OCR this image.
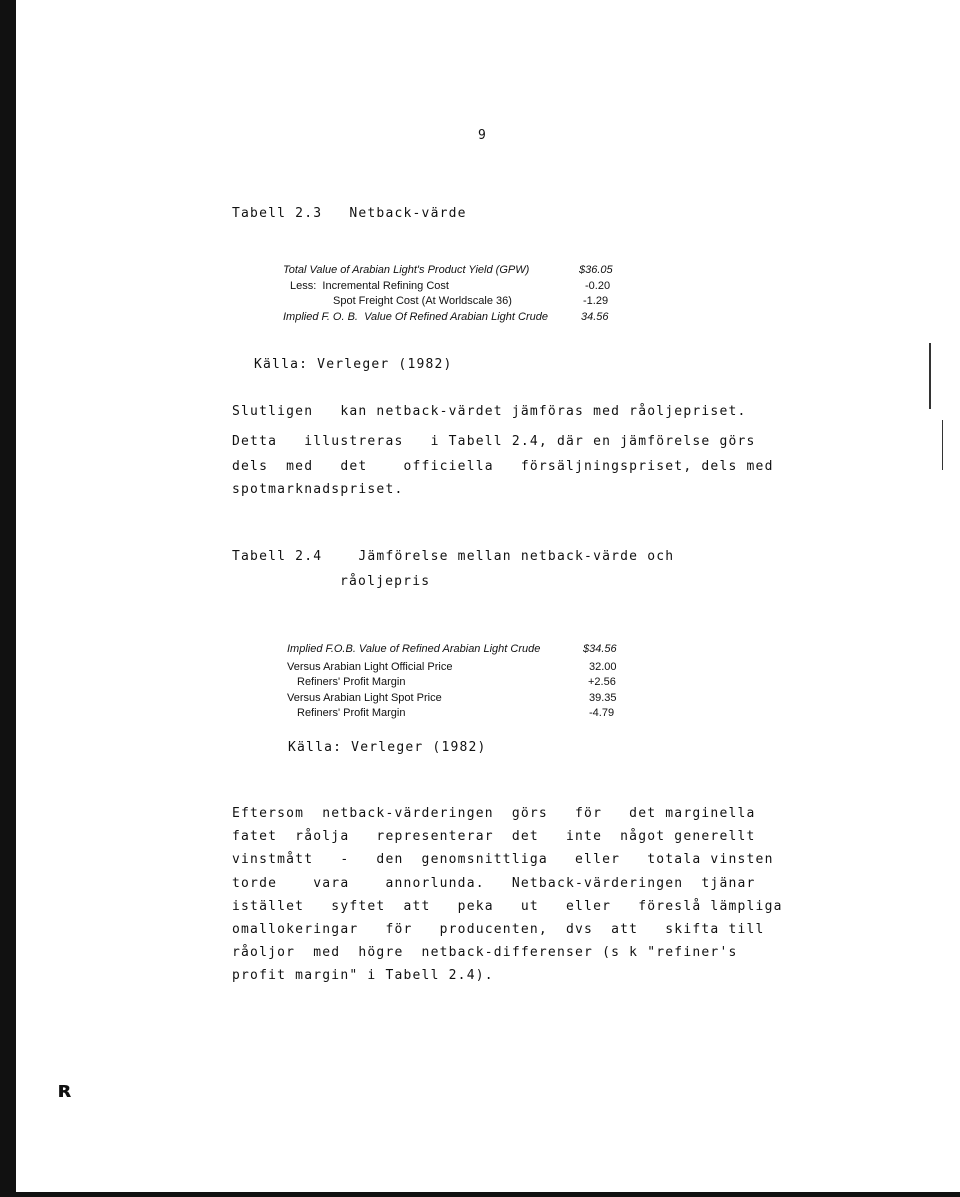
9
Tabell 2.3   Netback-värde
Total Value of Arabian Light's Product Yield (GPW)	$36.05
Less:  Incremental Refining Cost	-0.20
Spot Freight Cost (At Worldscale 36)	-1.29
Implied F. O. B.  Value Of Refined Arabian Light Crude	34.56
Källa: Verleger (1982)
Slutligen   kan netback-värdet jämföras med råoljepriset.
Detta   illustreras   i Tabell 2.4, där en jämförelse görs
dels  med   det    officiella   försäljningspriset, dels med
spotmarknadspriset.
Tabell 2.4    Jämförelse mellan netback-värde och
råoljepris
Implied F.O.B. Value of Refined Arabian Light Crude	$34.56
Versus Arabian Light Official Price	32.00
Refiners' Profit Margin	+2.56
Versus Arabian Light Spot Price	39.35
Refiners' Profit Margin	-4.79
Källa: Verleger (1982)
Eftersom  netback-värderingen  görs   för   det marginella
fatet  råolja   representerar  det   inte  något generellt
vinstmått   -   den  genomsnittliga   eller   totala vinsten
torde    vara    annorlunda.   Netback-värderingen  tjänar
istället   syftet  att   peka   ut   eller   föreslå lämpliga
omallokeringar   för   producenten,  dvs  att   skifta till
råoljor  med  högre  netback-differenser (s k "refiner's
profit margin" i Tabell 2.4).
ʀ
